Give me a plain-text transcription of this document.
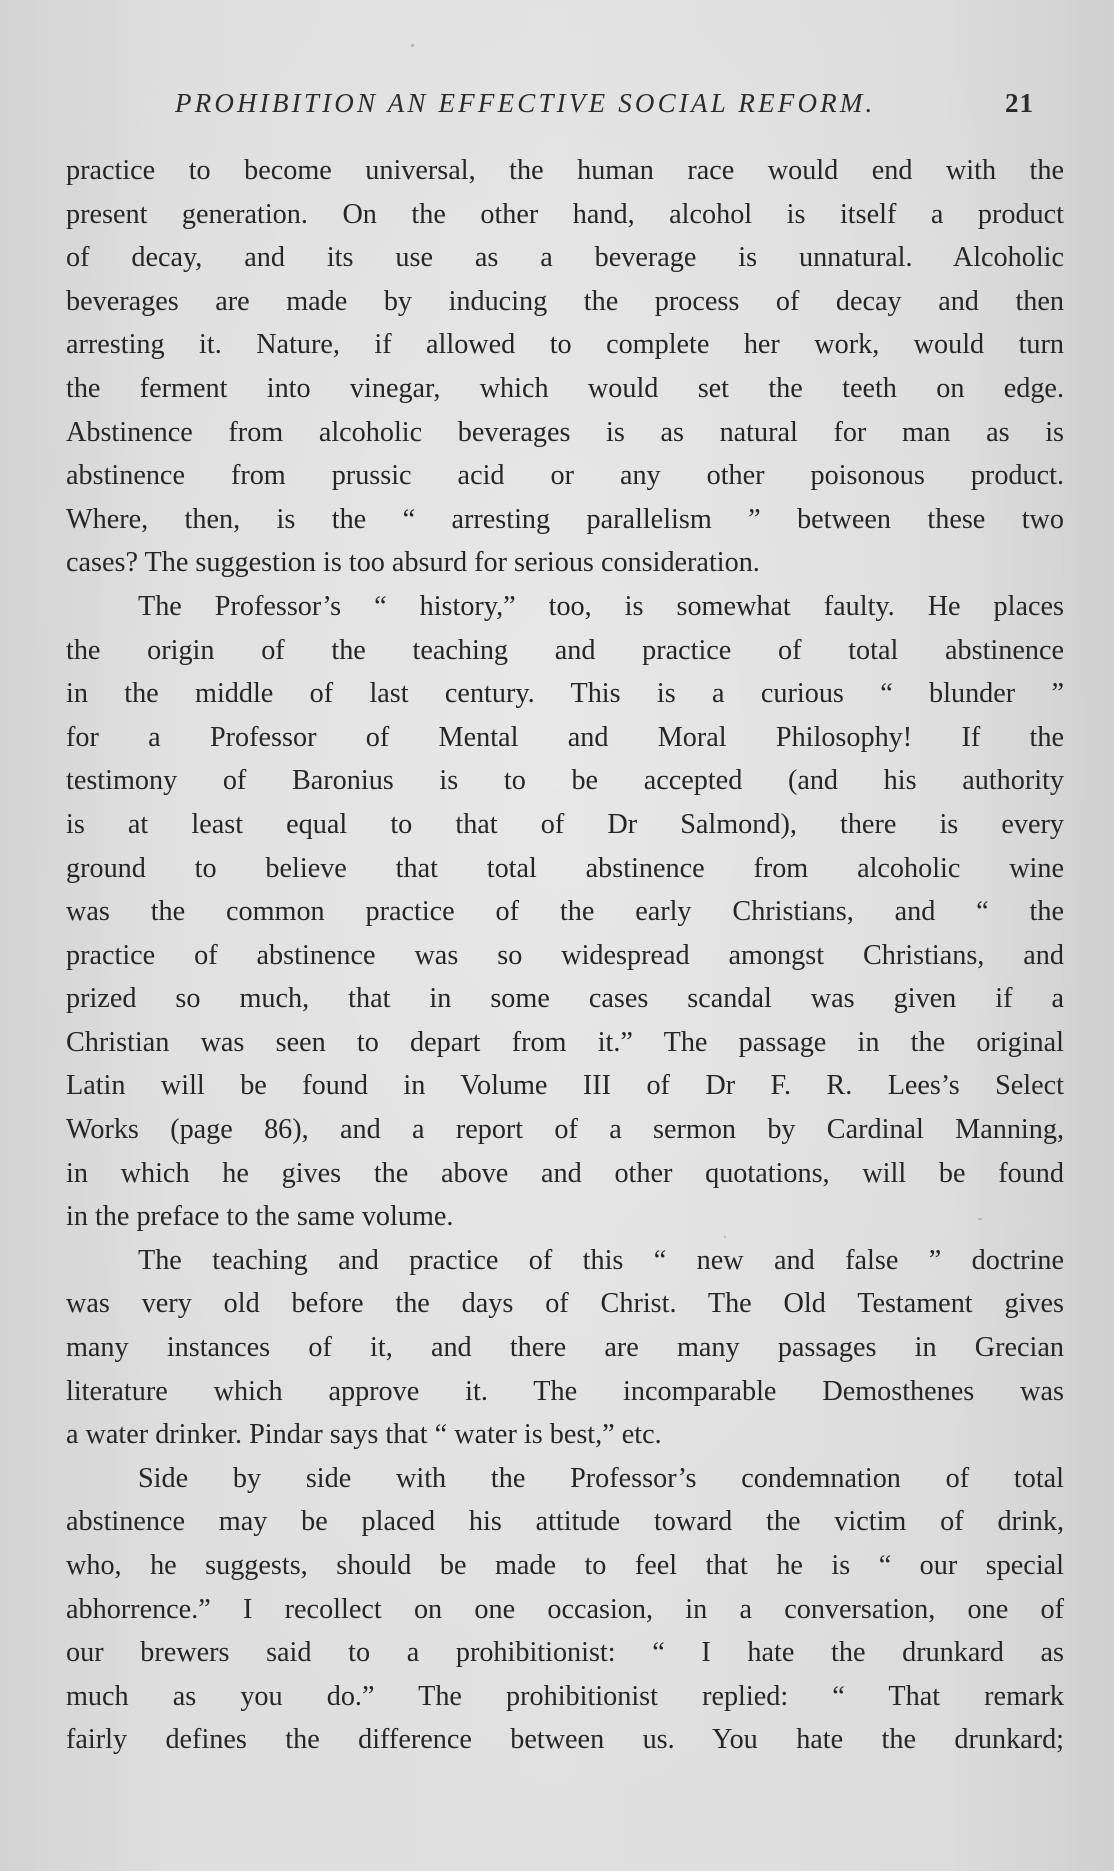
PROHIBITION AN EFFECTIVE SOCIAL REFORM.	21

practice to become universal, the human race would end with the
present generation. On the other hand, alcohol is itself a product
of decay, and its use as a beverage is unnatural. Alcoholic
beverages are made by inducing the process of decay and then
arresting it. Nature, if allowed to complete her work, would turn
the ferment into vinegar, which would set the teeth on edge.
Abstinence from alcoholic beverages is as natural for man as is
abstinence from prussic acid or any other poisonous product.
Where, then, is the “ arresting parallelism ” between these two
cases? The suggestion is too absurd for serious consideration.

The Professor’s “ history,” too, is somewhat faulty. He places
the origin of the teaching and practice of total abstinence
in the middle of last century. This is a curious “ blunder ”
for a Professor of Mental and Moral Philosophy! If the
testimony of Baronius is to be accepted (and his authority
is at least equal to that of Dr Salmond), there is every
ground to believe that total abstinence from alcoholic wine
was the common practice of the early Christians, and “ the
practice of abstinence was so widespread amongst Christians, and
prized so much, that in some cases scandal was given if a
Christian was seen to depart from it.” The passage in the original
Latin will be found in Volume III of Dr F. R. Lees’s Select
Works (page 86), and a report of a sermon by Cardinal Manning,
in which he gives the above and other quotations, will be found
in the preface to the same volume.

The teaching and practice of this “ new and false ” doctrine
was very old before the days of Christ. The Old Testament gives
many instances of it, and there are many passages in Grecian
literature which approve it. The incomparable Demosthenes was
a water drinker. Pindar says that “ water is best,” etc.

Side by side with the Professor’s condemnation of total
abstinence may be placed his attitude toward the victim of drink,
who, he suggests, should be made to feel that he is “ our special
abhorrence.” I recollect on one occasion, in a conversation, one of
our brewers said to a prohibitionist: “ I hate the drunkard as
much as you do.” The prohibitionist replied: “ That remark
fairly defines the difference between us. You hate the drunkard;
